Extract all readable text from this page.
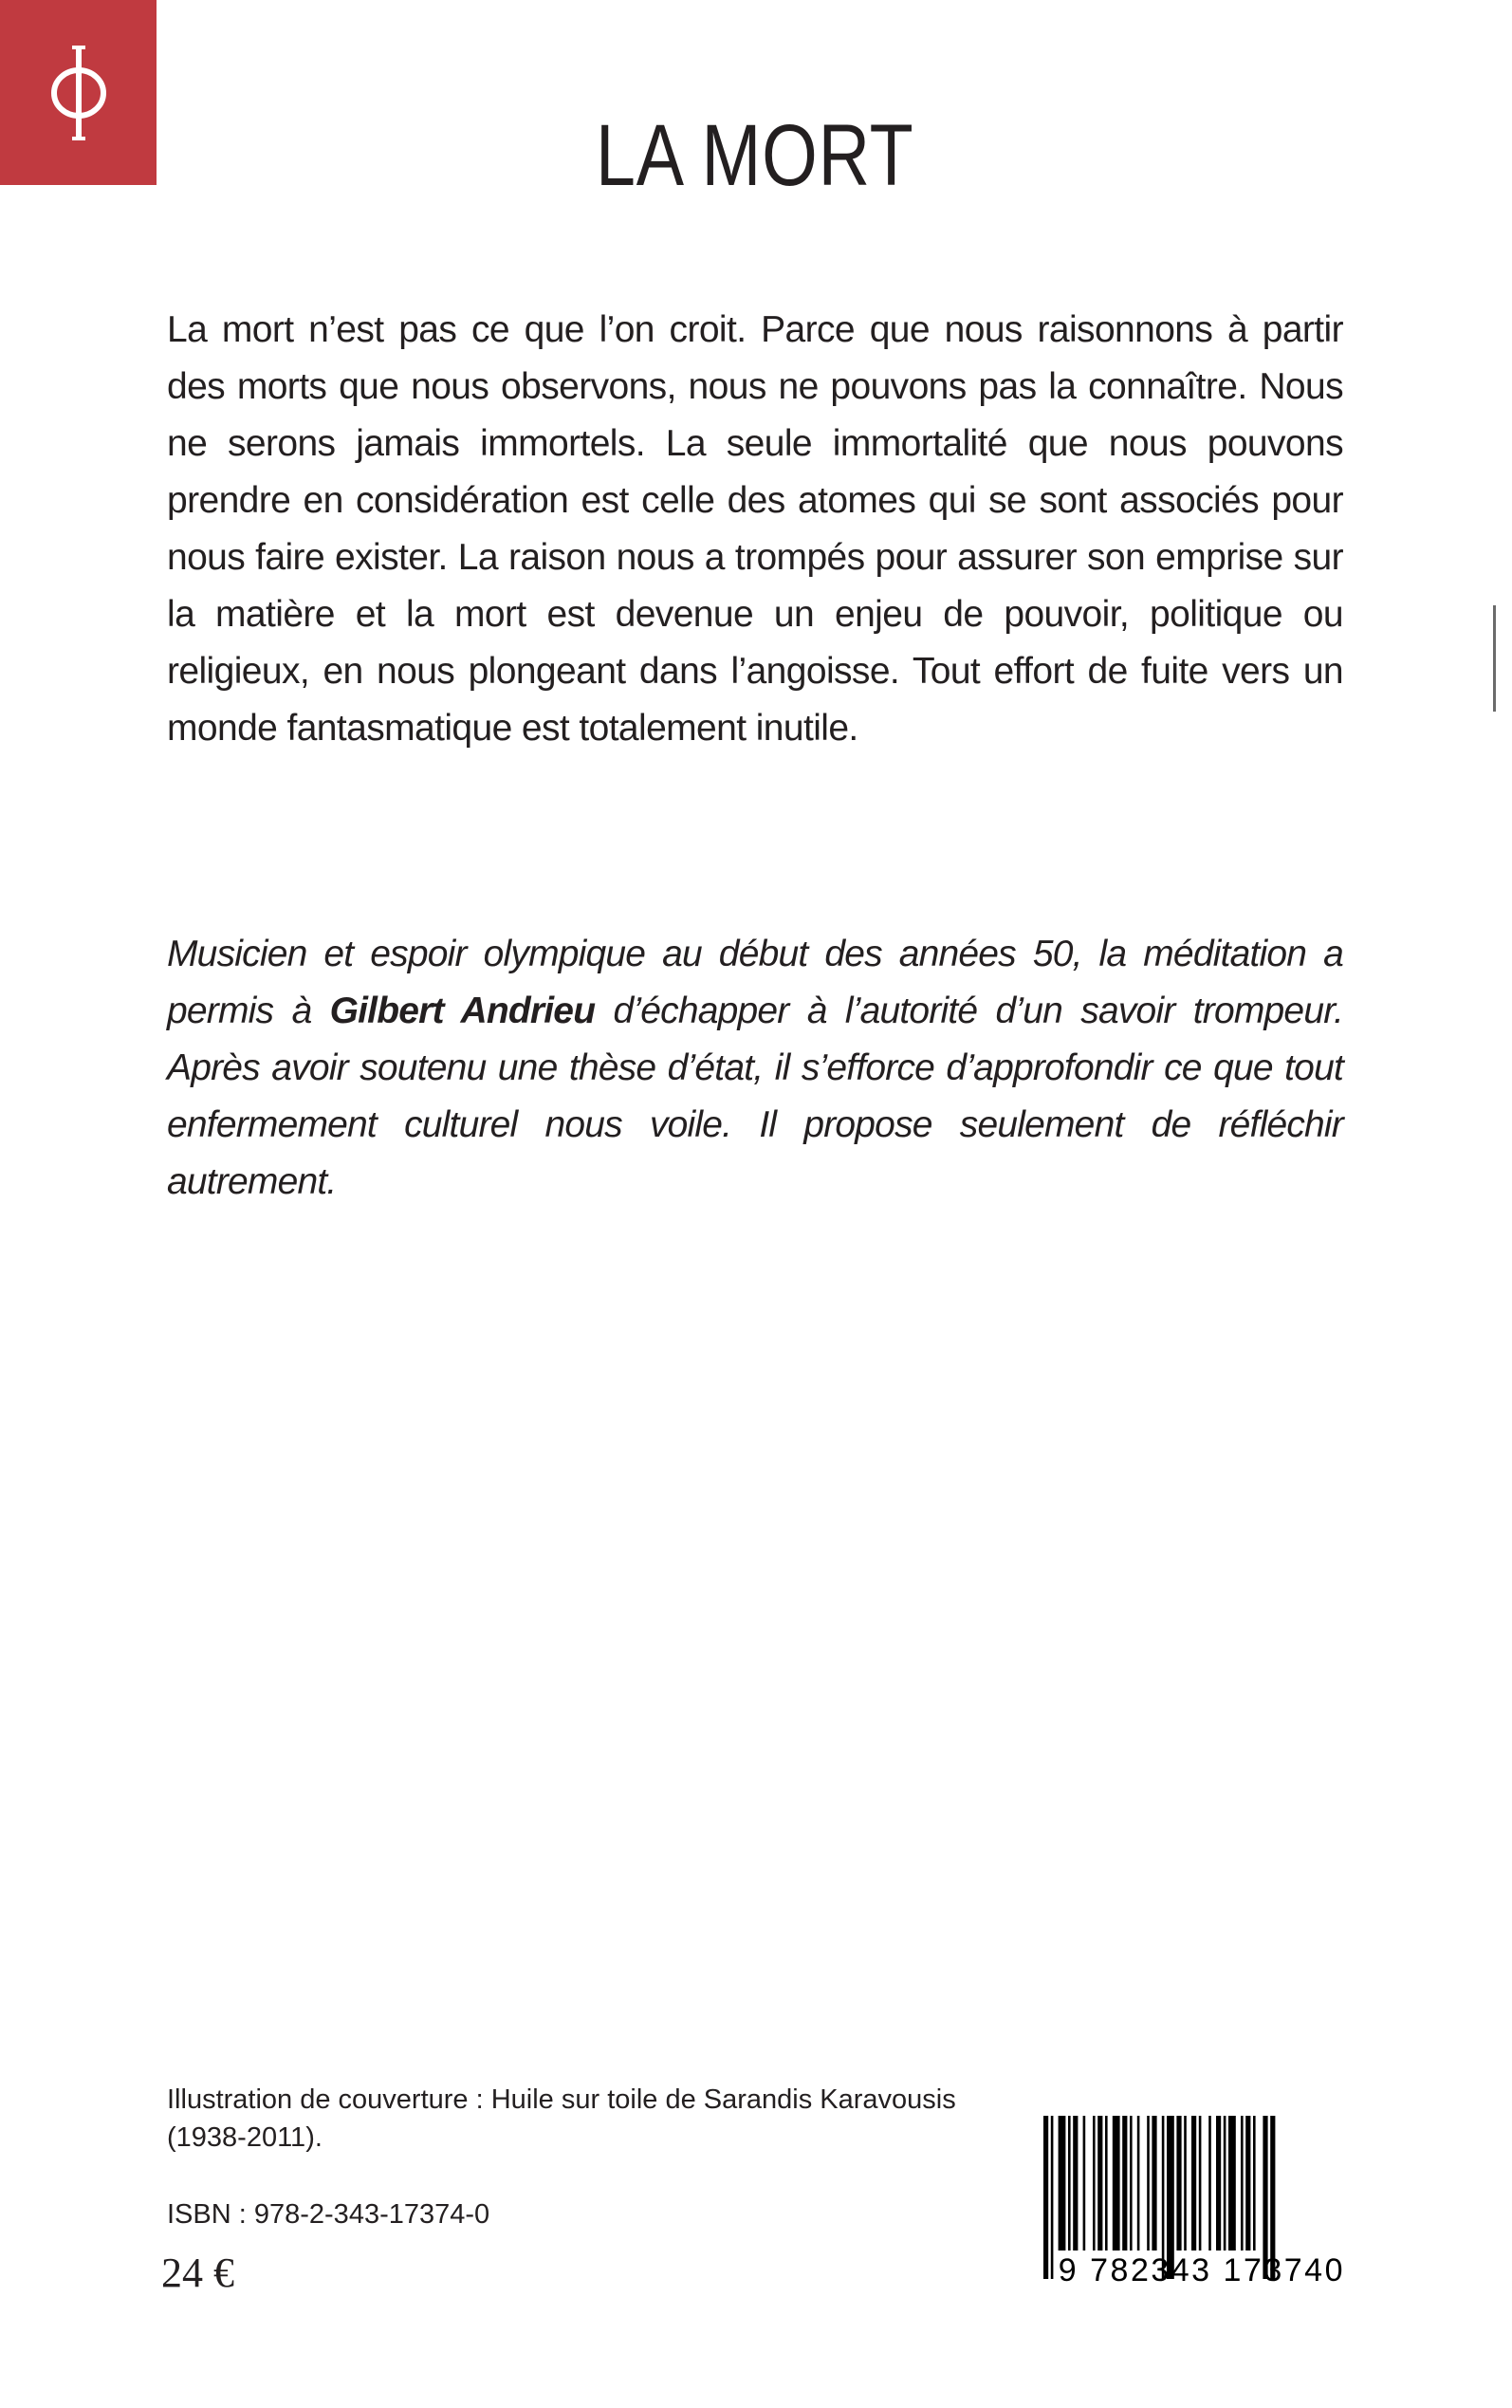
LA MORT
La mort n’est pas ce que l’on croit. Parce que nous raisonnons à partir des morts que nous observons, nous ne pouvons pas la connaître. Nous ne serons jamais immortels. La seule immortalité que nous pouvons prendre en considération est celle des atomes qui se sont associés pour nous faire exister. La raison nous a trompés pour assurer son emprise sur la matière et la mort est devenue un enjeu de pouvoir, politique ou religieux, en nous plongeant dans l’angoisse. Tout effort de fuite vers un monde fantasmatique est totalement inutile.
Musicien et espoir olympique au début des années 50, la méditation a permis à Gilbert Andrieu d’échapper à l’autorité d’un savoir trompeur. Après avoir soutenu une thèse d’état, il s’efforce d’approfondir ce que tout enfermement culturel nous voile. Il propose seulement de réfléchir autrement.
Illustration de couverture : Huile sur toile de Sarandis Karavousis (1938-2011).
ISBN : 978-2-343-17374-0
24 €	9 782343 173740
